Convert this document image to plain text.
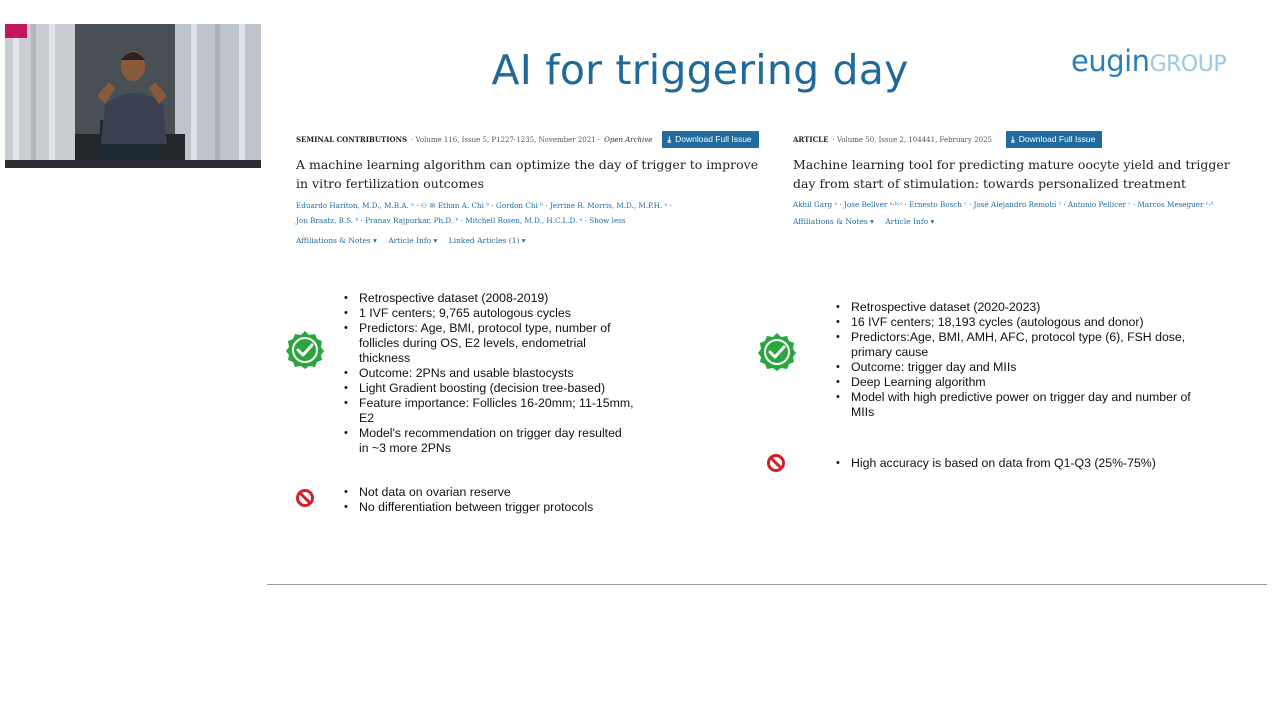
AI for triggering day	euginGROUP
SEMINAL CONTRIBUTIONS · Volume 116, Issue 5, P1227-1235, November 2021 · Open Archive	⤓ Download Full Issue
A machine learning algorithm can optimize the day of trigger to improve in vitro fertilization outcomes
Eduardo Hariton, M.D., M.B.A. ᵃ · ⚇ ✉ Ethan A. Chi ᵇ · Gordon Chi ᵇ · Jerrine R. Morris, M.D., M.P.H. ᵃ · Jon Braatz, B.S. ᵇ · Pranav Rajpurkar, Ph.D. ᵇ · Mitchell Rosen, M.D., H.C.L.D. ᵃ · Show less
Affiliations & Notes ▾ Article Info ▾ Linked Articles (1) ▾
ARTICLE · Volume 50, Issue 2, 104441, February 2025	⤓ Download Full Issue
Machine learning tool for predicting mature oocyte yield and trigger day from start of stimulation: towards personalized treatment
Akhil Garg ᵃ · Jose Bellver ᵃ·ᵇ·ᶜ · Ernesto Bosch ᶜ · José Alejandro Remohí ᶜ · Antonio Pellicer ᶜ · Marcos Meseguer ᶜ·ᵈ
Affiliations & Notes ▾ Article Info ▾
• Retrospective dataset (2008-2019)
• 1 IVF centers; 9,765 autologous cycles
• Predictors: Age, BMI, protocol type, number of follicles during OS, E2 levels, endometrial thickness
• Outcome: 2PNs and usable blastocysts
• Light Gradient boosting (decision tree-based)
• Feature importance: Follicles 16-20mm; 11-15mm, E2
• Model's recommendation on trigger day resulted in ~3 more 2PNs
• Not data on ovarian reserve
• No differentiation between trigger protocols
• Retrospective dataset (2020-2023)
• 16 IVF centers; 18,193 cycles (autologous and donor)
• Predictors:Age, BMI, AMH, AFC, protocol type (6), FSH dose, primary cause
• Outcome: trigger day and MIIs
• Deep Learning algorithm
• Model with high predictive power on trigger day and number of MIIs
• High accuracy is based on data from Q1-Q3 (25%-75%)
